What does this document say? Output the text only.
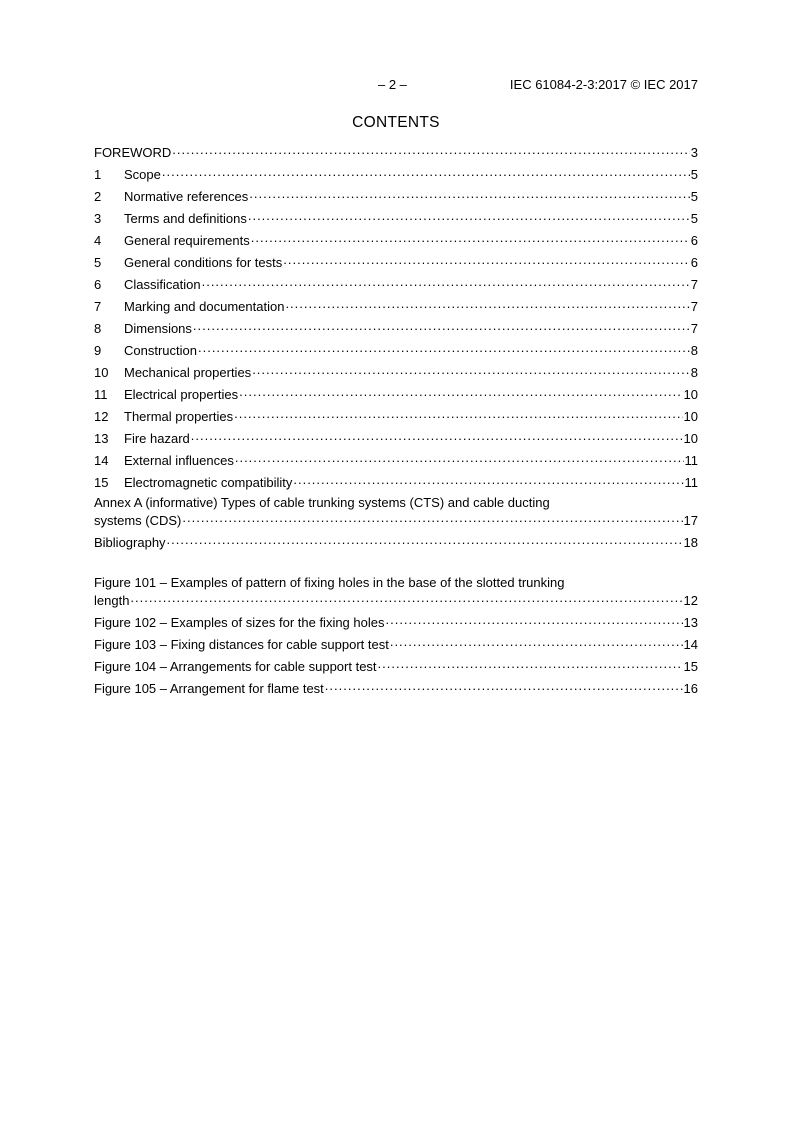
– 2 –	IEC 61084-2-3:2017 © IEC 2017
CONTENTS
FOREWORD .....	3
1	Scope .....	5
2	Normative references .....	5
3	Terms and definitions .....	5
4	General requirements .....	6
5	General conditions for tests .....	6
6	Classification .....	7
7	Marking and documentation .....	7
8	Dimensions .....	7
9	Construction .....	8
10	Mechanical properties .....	8
11	Electrical properties .....	10
12	Thermal properties .....	10
13	Fire hazard .....	10
14	External influences .....	11
15	Electromagnetic compatibility .....	11
Annex A (informative) Types of cable trunking systems (CTS) and cable ducting
systems (CDS) .....	17
Bibliography .....	18
Figure 101 – Examples of pattern of fixing holes in the base of the slotted trunking
length .....	12
Figure 102 – Examples of sizes for the fixing holes .....	13
Figure 103 – Fixing distances for cable support test .....	14
Figure 104 – Arrangements for cable support test .....	15
Figure 105 – Arrangement for flame test .....	16
